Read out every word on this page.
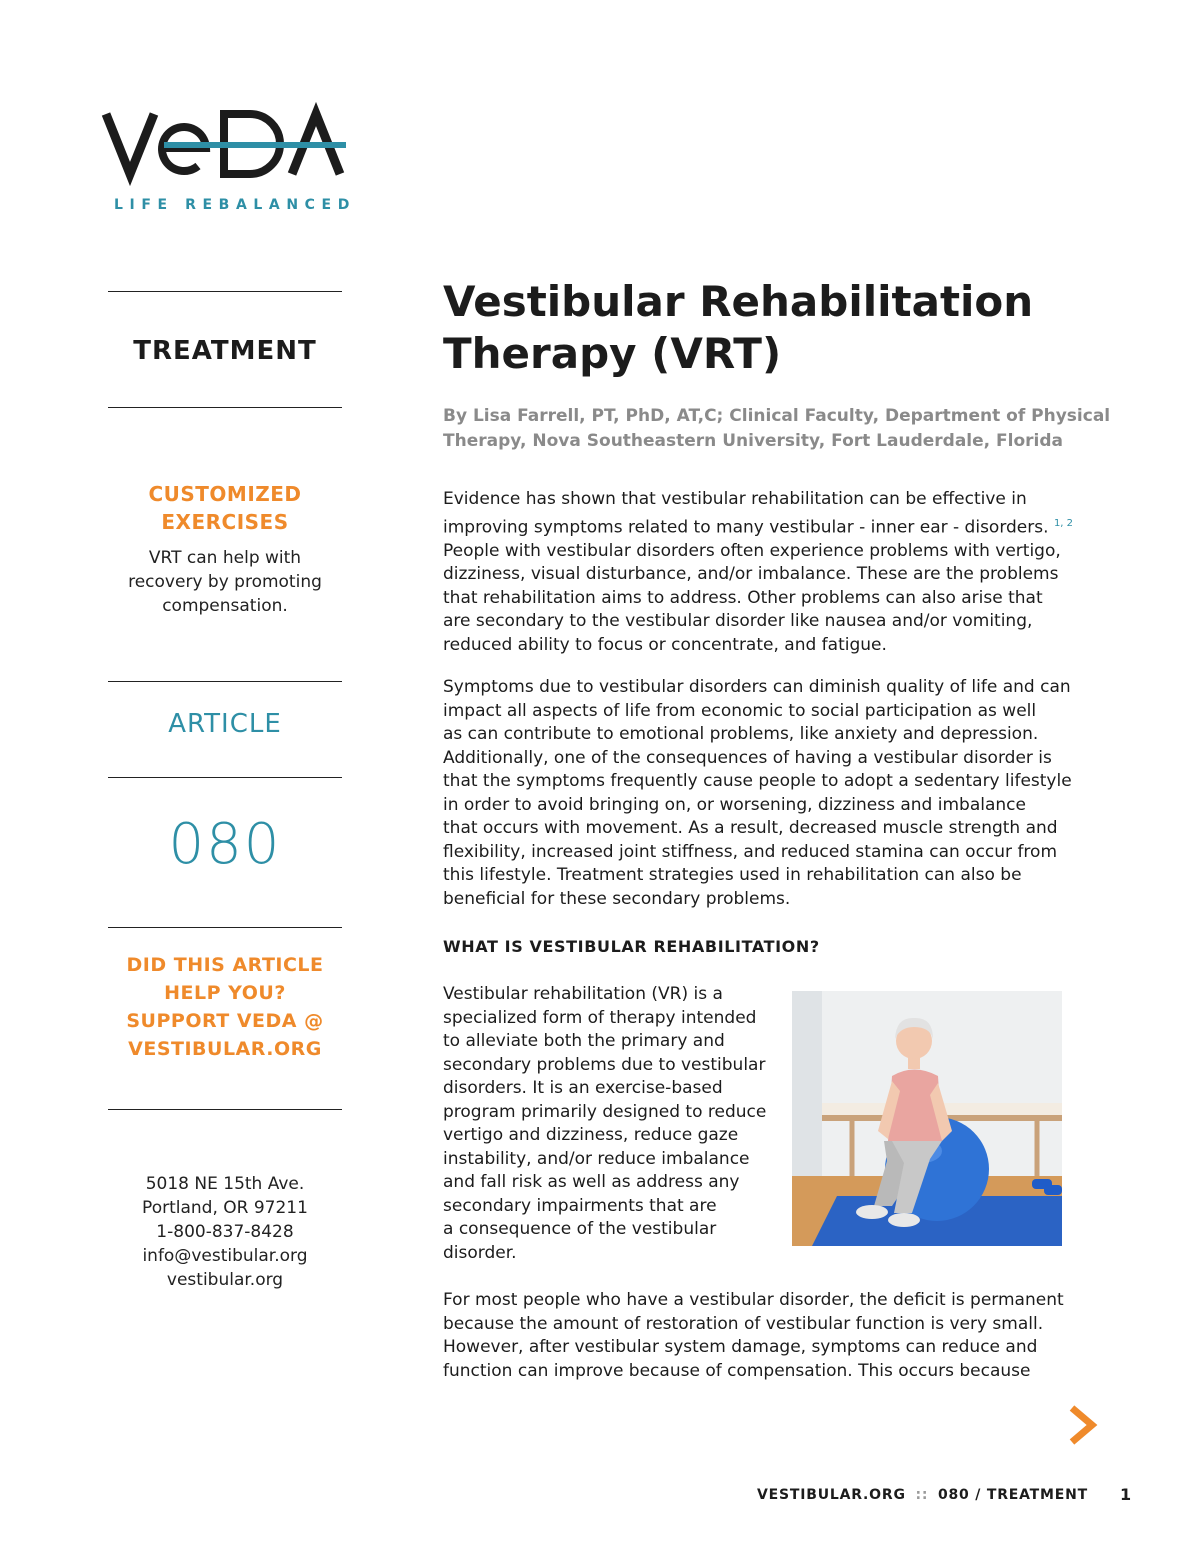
LIFE REBALANCED
TREATMENT
CUSTOMIZED
EXERCISES
VRT can help with
recovery by promoting
compensation.
ARTICLE
080
DID THIS ARTICLE
HELP YOU?
SUPPORT VEDA @
VESTIBULAR.ORG
5018 NE 15th Ave.
Portland, OR 97211
1-800-837-8428
info@vestibular.org
vestibular.org
Vestibular Rehabilitation
Therapy (VRT)
By Lisa Farrell, PT, PhD, AT,C; Clinical Faculty, Department of Physical
Therapy, Nova Southeastern University, Fort Lauderdale, Florida
Evidence has shown that vestibular rehabilitation can be effective in
improving symptoms related to many vestibular - inner ear - disorders. $^{1, 2}$
People with vestibular disorders often experience problems with vertigo,
dizziness, visual disturbance, and/or imbalance. These are the problems
that rehabilitation aims to address. Other problems can also arise that
are secondary to the vestibular disorder like nausea and/or vomiting,
reduced ability to focus or concentrate, and fatigue.
Symptoms due to vestibular disorders can diminish quality of life and can
impact all aspects of life from economic to social participation as well
as can contribute to emotional problems, like anxiety and depression.
Additionally, one of the consequences of having a vestibular disorder is
that the symptoms frequently cause people to adopt a sedentary lifestyle
in order to avoid bringing on, or worsening, dizziness and imbalance
that occurs with movement. As a result, decreased muscle strength and
flexibility, increased joint stiffness, and reduced stamina can occur from
this lifestyle. Treatment strategies used in rehabilitation can also be
beneficial for these secondary problems.
WHAT IS VESTIBULAR REHABILITATION?
Vestibular rehabilitation (VR) is a
specialized form of therapy intended
to alleviate both the primary and
secondary problems due to vestibular
disorders. It is an exercise-based
program primarily designed to reduce
vertigo and dizziness, reduce gaze
instability, and/or reduce imbalance
and fall risk as well as address any
secondary impairments that are
a consequence of the vestibular
disorder.
For most people who have a vestibular disorder, the deficit is permanent
because the amount of restoration of vestibular function is very small.
However, after vestibular system damage, symptoms can reduce and
function can improve because of compensation. This occurs because
VESTIBULAR.ORG :: 080 / TREATMENT 1
